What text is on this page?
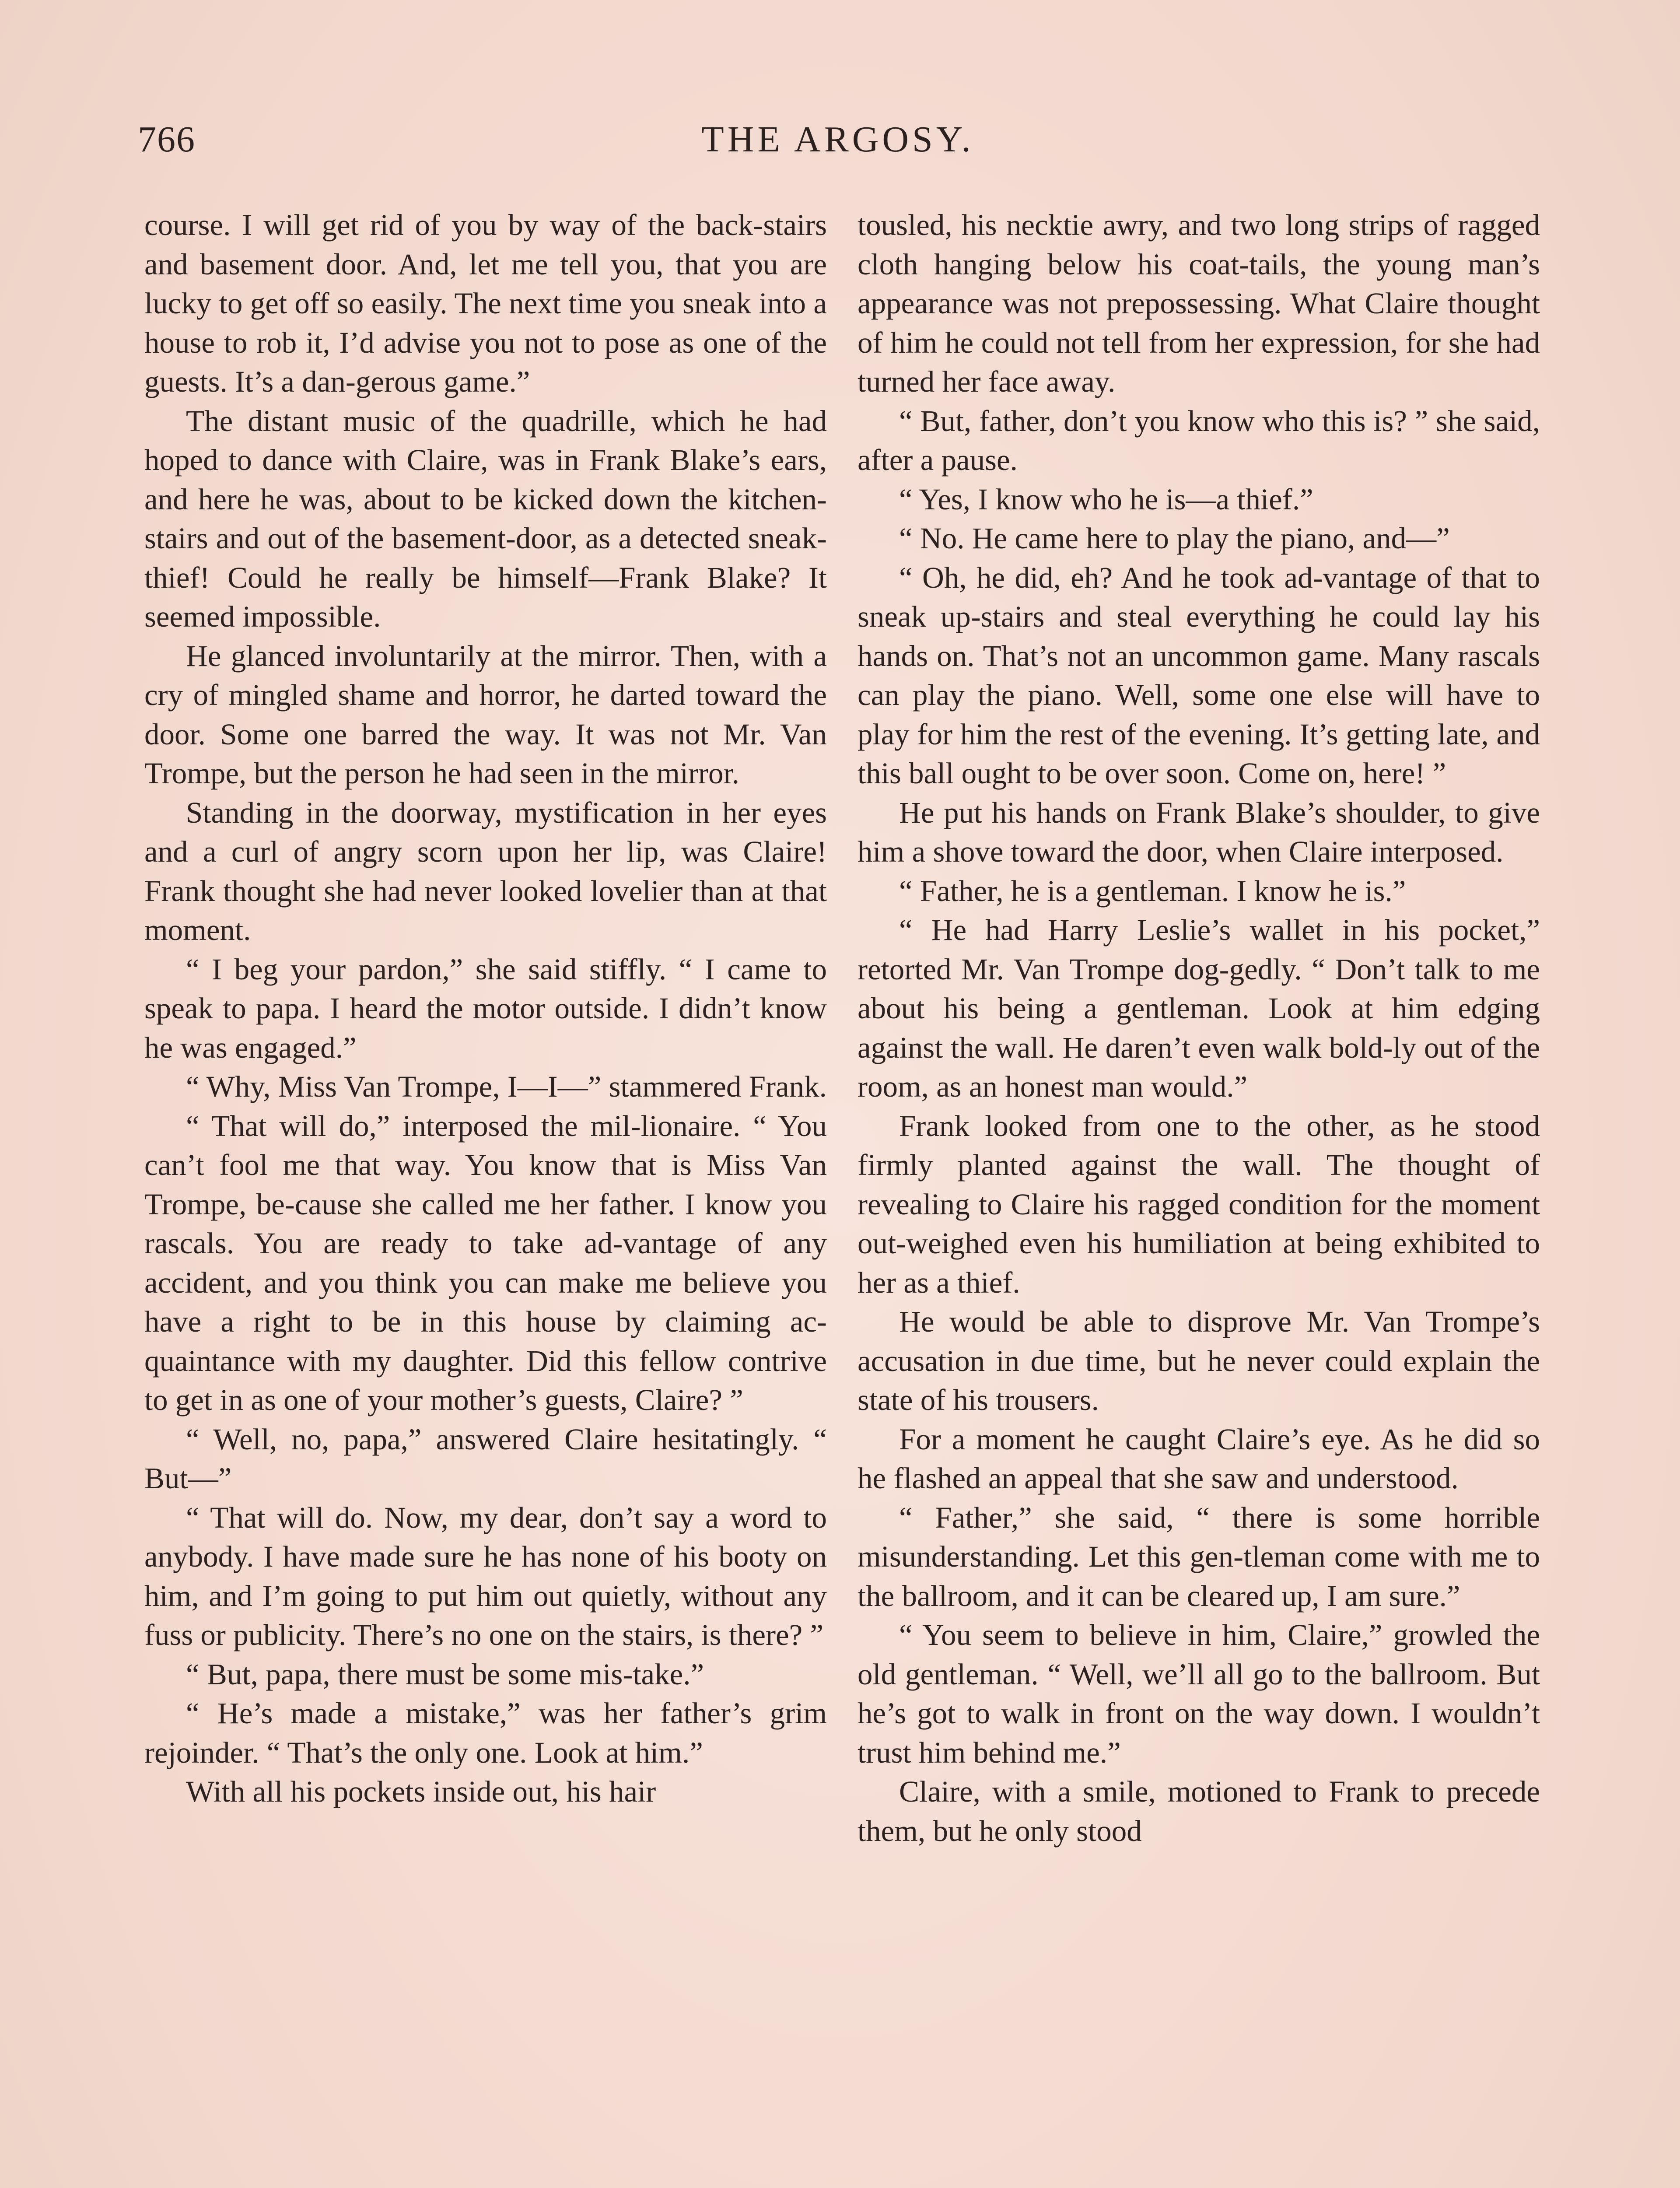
766	THE ARGOSY.

course. I will get rid of you by way of the back-stairs and basement door. And, let me tell you, that you are lucky to get off so easily. The next time you sneak into a house to rob it, I’d advise you not to pose as one of the guests. It’s a dan-gerous game.”

The distant music of the quadrille, which he had hoped to dance with Claire, was in Frank Blake’s ears, and here he was, about to be kicked down the kitchen-stairs and out of the basement-door, as a detected sneak-thief! Could he really be himself—Frank Blake? It seemed impossible.

He glanced involuntarily at the mirror. Then, with a cry of mingled shame and horror, he darted toward the door. Some one barred the way. It was not Mr. Van Trompe, but the person he had seen in the mirror.

Standing in the doorway, mystification in her eyes and a curl of angry scorn upon her lip, was Claire! Frank thought she had never looked lovelier than at that moment.

“ I beg your pardon,” she said stiffly. “ I came to speak to papa. I heard the motor outside. I didn’t know he was engaged.”

“ Why, Miss Van Trompe, I—I—” stammered Frank.

“ That will do,” interposed the mil-lionaire. “ You can’t fool me that way. You know that is Miss Van Trompe, be-cause she called me her father. I know you rascals. You are ready to take ad-vantage of any accident, and you think you can make me believe you have a right to be in this house by claiming ac-quaintance with my daughter. Did this fellow contrive to get in as one of your mother’s guests, Claire? ”

“ Well, no, papa,” answered Claire hesitatingly. “ But—”

“ That will do. Now, my dear, don’t say a word to anybody. I have made sure he has none of his booty on him, and I’m going to put him out quietly, without any fuss or publicity. There’s no one on the stairs, is there? ”

“ But, papa, there must be some mis-take.”

“ He’s made a mistake,” was her father’s grim rejoinder. “ That’s the only one. Look at him.”

With all his pockets inside out, his hair

tousled, his necktie awry, and two long strips of ragged cloth hanging below his coat-tails, the young man’s appearance was not prepossessing. What Claire thought of him he could not tell from her expression, for she had turned her face away.

“ But, father, don’t you know who this is? ” she said, after a pause.

“ Yes, I know who he is—a thief.”

“ No. He came here to play the piano, and—”

“ Oh, he did, eh? And he took ad-vantage of that to sneak up-stairs and steal everything he could lay his hands on. That’s not an uncommon game. Many rascals can play the piano. Well, some one else will have to play for him the rest of the evening. It’s getting late, and this ball ought to be over soon. Come on, here! ”

He put his hands on Frank Blake’s shoulder, to give him a shove toward the door, when Claire interposed.

“ Father, he is a gentleman. I know he is.”

“ He had Harry Leslie’s wallet in his pocket,” retorted Mr. Van Trompe dog-gedly. “ Don’t talk to me about his being a gentleman. Look at him edging against the wall. He daren’t even walk bold-ly out of the room, as an honest man would.”

Frank looked from one to the other, as he stood firmly planted against the wall. The thought of revealing to Claire his ragged condition for the moment out-weighed even his humiliation at being exhibited to her as a thief.

He would be able to disprove Mr. Van Trompe’s accusation in due time, but he never could explain the state of his trousers.

For a moment he caught Claire’s eye. As he did so he flashed an appeal that she saw and understood.

“ Father,” she said, “ there is some horrible misunderstanding. Let this gen-tleman come with me to the ballroom, and it can be cleared up, I am sure.”

“ You seem to believe in him, Claire,” growled the old gentleman. “ Well, we’ll all go to the ballroom. But he’s got to walk in front on the way down. I wouldn’t trust him behind me.”

Claire, with a smile, motioned to Frank to precede them, but he only stood
